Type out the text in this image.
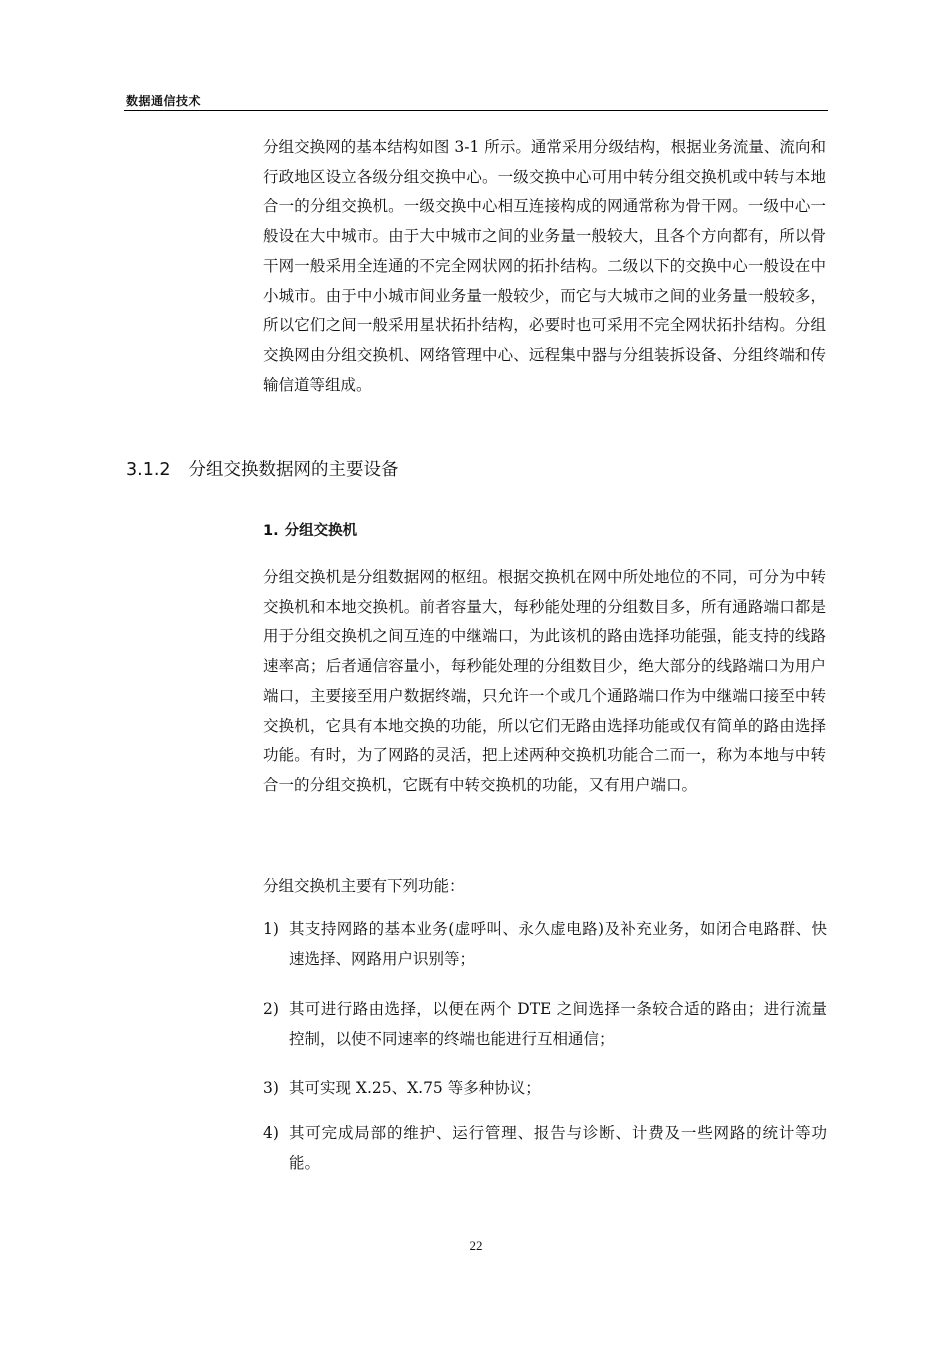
数据通信技术

分组交换网的基本结构如图 3-1 所示。通常采用分级结构，根据业务流量、流向和行政地区设立各级分组交换中心。一级交换中心可用中转分组交换机或中转与本地合一的分组交换机。一级交换中心相互连接构成的网通常称为骨干网。一级中心一般设在大中城市。由于大中城市之间的业务量一般较大，且各个方向都有，所以骨干网一般采用全连通的不完全网状网的拓扑结构。二级以下的交换中心一般设在中小城市。由于中小城市间业务量一般较少，而它与大城市之间的业务量一般较多，所以它们之间一般采用星状拓扑结构，必要时也可采用不完全网状拓扑结构。分组交换网由分组交换机、网络管理中心、远程集中器与分组装拆设备、分组终端和传输信道等组成。

3.1.2 分组交换数据网的主要设备
1. 分组交换机

分组交换机是分组数据网的枢纽。根据交换机在网中所处地位的不同，可分为中转交换机和本地交换机。前者容量大，每秒能处理的分组数目多，所有通路端口都是用于分组交换机之间互连的中继端口，为此该机的路由选择功能强，能支持的线路速率高；后者通信容量小，每秒能处理的分组数目少，绝大部分的线路端口为用户端口，主要接至用户数据终端，只允许一个或几个通路端口作为中继端口接至中转交换机，它具有本地交换的功能，所以它们无路由选择功能或仅有简单的路由选择功能。有时，为了网路的灵活，把上述两种交换机功能合二而一，称为本地与中转合一的分组交换机，它既有中转交换机的功能，又有用户端口。

分组交换机主要有下列功能：

1) 其支持网路的基本业务(虚呼叫、永久虚电路)及补充业务，如闭合电路群、快速选择、网路用户识别等；

2) 其可进行路由选择，以便在两个 DTE 之间选择一条较合适的路由；进行流量控制，以使不同速率的终端也能进行互相通信；

3) 其可实现 X.25、X.75 等多种协议；

4) 其可完成局部的维护、运行管理、报告与诊断、计费及一些网路的统计等功能。

22
